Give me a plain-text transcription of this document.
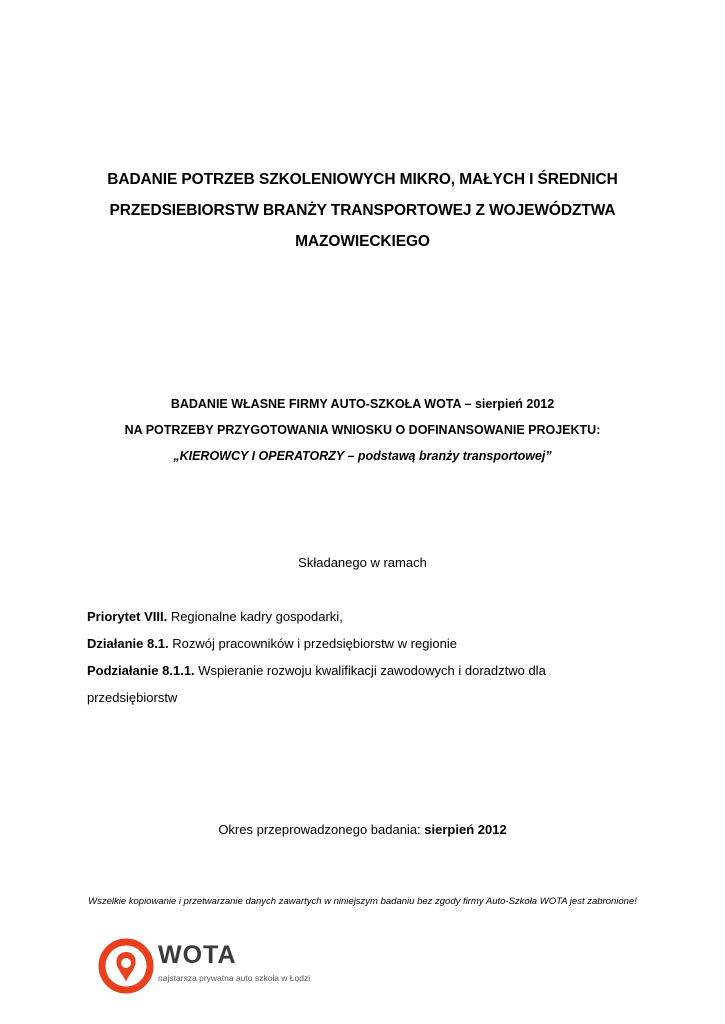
BADANIE POTRZEB SZKOLENIOWYCH MIKRO, MAŁYCH I ŚREDNICH
PRZEDSIEBIORSTW BRANŻY TRANSPORTOWEJ Z WOJEWÓDZTWA
MAZOWIECKIEGO
BADANIE WŁASNE FIRMY AUTO-SZKOŁA WOTA – sierpień 2012
NA POTRZEBY PRZYGOTOWANIA WNIOSKU O DOFINANSOWANIE PROJEKTU:
„KIEROWCY I OPERATORZY – podstawą branży transportowej”
Składanego w ramach
Priorytet VIII. Regionalne kadry gospodarki,
Działanie 8.1. Rozwój pracowników i przedsiębiorstw w regionie
Podziałanie 8.1.1. Wspieranie rozwoju kwalifikacji zawodowych i doradztwo dla
przedsiębiorstw
Okres przeprowadzonego badania: sierpień 2012
Wszelkie kopiowanie i przetwarzanie danych zawartych w niniejszym badaniu bez zgody firmy Auto-Szkoła WOTA jest zabronione!
WOTA
najstarsza prywatna auto szkoła w Łodzi
